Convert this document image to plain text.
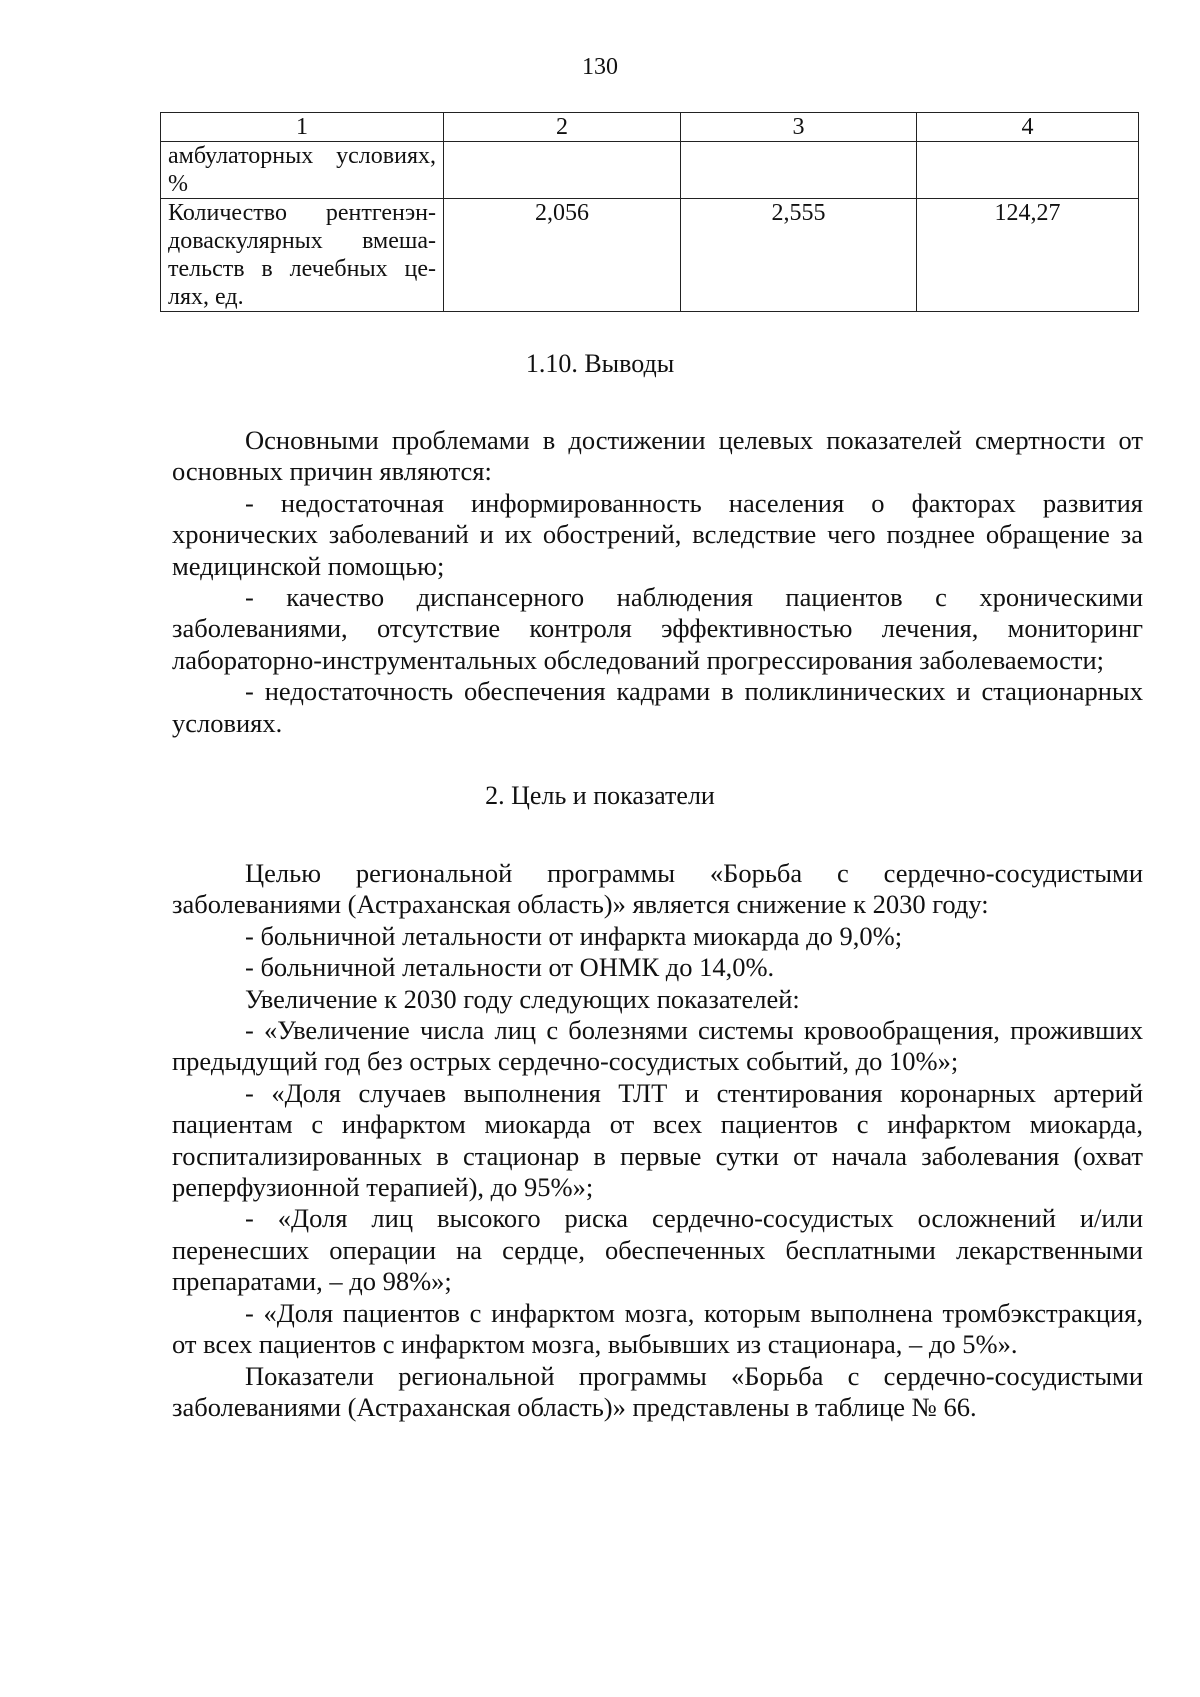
130
1	2	3	4
амбулаторных условиях, %			
Количество рентгенэн-доваскулярных вмеша-тельств в лечебных це-лях, ед.	2,056	2,555	124,27
1.10. Выводы

Основными проблемами в достижении целевых показателей смертности от основных причин являются:

- недостаточная информированность населения о факторах развития хронических заболеваний и их обострений, вследствие чего позднее обращение за медицинской помощью;

- качество диспансерного наблюдения пациентов с хроническими заболеваниями, отсутствие контроля эффективностью лечения, мониторинг лабораторно-инструментальных обследований прогрессирования заболеваемости;

- недостаточность обеспечения кадрами в поликлинических и стационарных условиях.

2. Цель и показатели

Целью региональной программы «Борьба с сердечно-сосудистыми заболеваниями (Астраханская область)» является снижение к 2030 году:

- больничной летальности от инфаркта миокарда до 9,0%;

- больничной летальности от ОНМК до 14,0%.

Увеличение к 2030 году следующих показателей:

- «Увеличение числа лиц с болезнями системы кровообращения, проживших предыдущий год без острых сердечно-сосудистых событий, до 10%»;

- «Доля случаев выполнения ТЛТ и стентирования коронарных артерий пациентам с инфарктом миокарда от всех пациентов с инфарктом миокарда, госпитализированных в стационар в первые сутки от начала заболевания (охват реперфузионной терапией), до 95%»;

- «Доля лиц высокого риска сердечно-сосудистых осложнений и/или перенесших операции на сердце, обеспеченных бесплатными лекарственными препаратами, – до 98%»;

- «Доля пациентов с инфарктом мозга, которым выполнена тромбэкстракция, от всех пациентов с инфарктом мозга, выбывших из стационара, – до 5%».

Показатели региональной программы «Борьба с сердечно-сосудистыми заболеваниями (Астраханская область)» представлены в таблице № 66.
